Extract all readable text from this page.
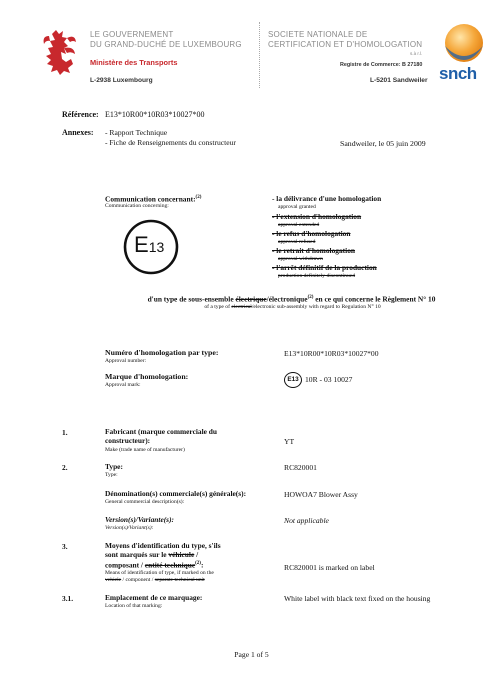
LE GOUVERNEMENT
DU GRAND-DUCHÉ DE LUXEMBOURG
Ministère des Transports
L-2938 Luxembourg
SOCIETE NATIONALE DE
CERTIFICATION ET D'HOMOLOGATION
s.à r.l.
Registre de Commerce: B 27180
L-5201 Sandweiler snch
Référence: E13*10R00*10R03*10027*00
Annexes: - Rapport Technique
- Fiche de Renseignements du constructeur	Sandweiler, le 05 juin 2009
Communication concernant:$^{(2)}$
Communication concerning:
E13
- la délivrance d'une homologation
approval granted
- l'extension d'homologation
approval extended
- le refus d'homologation
approval refused
- le retrait d'homologation
approval withdrawn
- l'arrêt définitif de la production
production definitely discontinued
d'un type de sous-ensemble électrique/électronique$^{(2)}$ en ce qui concerne le Règlement N° 10
of a type of electrical/electronic sub-assembly with regard to Regulation N° 10
Numéro d'homologation par type:
Approval number:
E13*10R00*10R03*10027*00
Marque d'homologation:
Approval mark:
E13 10R - 03 10027
1.	Fabricant (marque commerciale du
constructeur):
Make (trade name of manufacturer)
YT
2.	Type:
Type:
RC820001
Dénomination(s) commerciale(s) générale(s):
General commercial description(s):
HOWOA7 Blower Assy
Version(s)/Variante(s):
Version(s)/Variant(s):
Not applicable
3.	Moyens d'identification du type, s'ils
sont marqués sur le véhicule /
composant / entité technique$^{(2)}$:
Means of identification of type, if marked on the
vehicle / component / separate technical unit
RC820001 is marked on label
3.1.	Emplacement de ce marquage:
Location of that marking:
White label with black text fixed on the housing
Page 1 of 5
